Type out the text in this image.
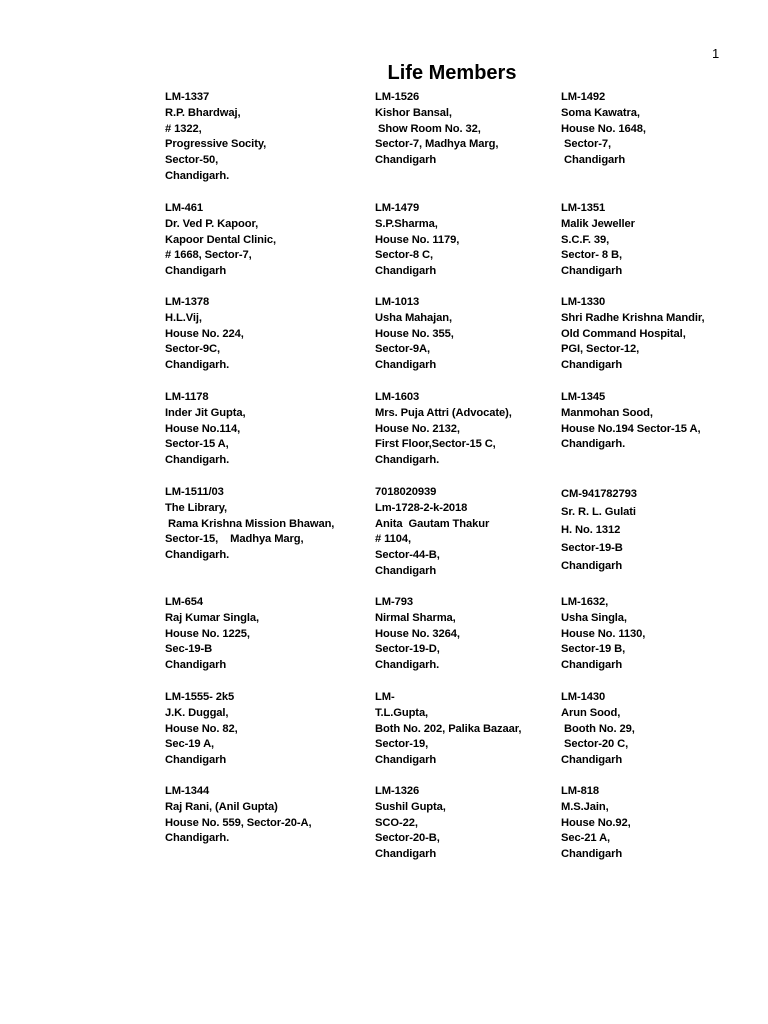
1
Life Members
LM-1337
R.P. Bhardwaj,
# 1322,
Progressive Socity,
Sector-50,
Chandigarh.
LM-461
Dr. Ved P. Kapoor,
Kapoor Dental Clinic,
# 1668, Sector-7,
Chandigarh
LM-1378
H.L.Vij,
House No. 224,
Sector-9C,
Chandigarh.
LM-1178
Inder Jit Gupta,
House No.114,
Sector-15 A,
Chandigarh.
LM-1511/03
The Library,
Rama Krishna Mission Bhawan,
Sector-15,    Madhya Marg,
Chandigarh.
LM-654
Raj Kumar Singla,
House No. 1225,
Sec-19-B
Chandigarh
LM-1555- 2k5
J.K. Duggal,
House No. 82,
Sec-19 A,
Chandigarh
LM-1344
Raj Rani, (Anil Gupta)
House No. 559, Sector-20-A,
Chandigarh.
LM-1526
Kishor Bansal,
Show Room No. 32,
Sector-7, Madhya Marg,
Chandigarh
LM-1479
S.P.Sharma,
House No. 1179,
Sector-8 C,
Chandigarh
LM-1013
Usha Mahajan,
House No. 355,
Sector-9A,
Chandigarh
LM-1603
Mrs. Puja Attri (Advocate),
House No. 2132,
First Floor,Sector-15 C,
Chandigarh.
7018020939
Lm-1728-2-k-2018
Anita  Gautam Thakur
# 1104,
Sector-44-B,
Chandigarh
LM-793
Nirmal Sharma,
House No. 3264,
Sector-19-D,
Chandigarh.
LM-
T.L.Gupta,
Both No. 202, Palika Bazaar,
Sector-19,
Chandigarh
LM-1326
Sushil Gupta,
SCO-22,
Sector-20-B,
Chandigarh
LM-1492
Soma Kawatra,
House No. 1648,
Sector-7,
Chandigarh
LM-1351
Malik Jeweller
S.C.F. 39,
Sector- 8 B,
Chandigarh
LM-1330
Shri Radhe Krishna Mandir,
Old Command Hospital,
PGI, Sector-12,
Chandigarh
LM-1345
Manmohan Sood,
House No.194 Sector-15 A,
Chandigarh.
CM-941782793
Sr. R. L. Gulati
H. No. 1312
Sector-19-B
Chandigarh
LM-1632,
Usha Singla,
House No. 1130,
Sector-19 B,
Chandigarh
LM-1430
Arun Sood,
Booth No. 29,
Sector-20 C,
Chandigarh
LM-818
M.S.Jain,
House No.92,
Sec-21 A,
Chandigarh
